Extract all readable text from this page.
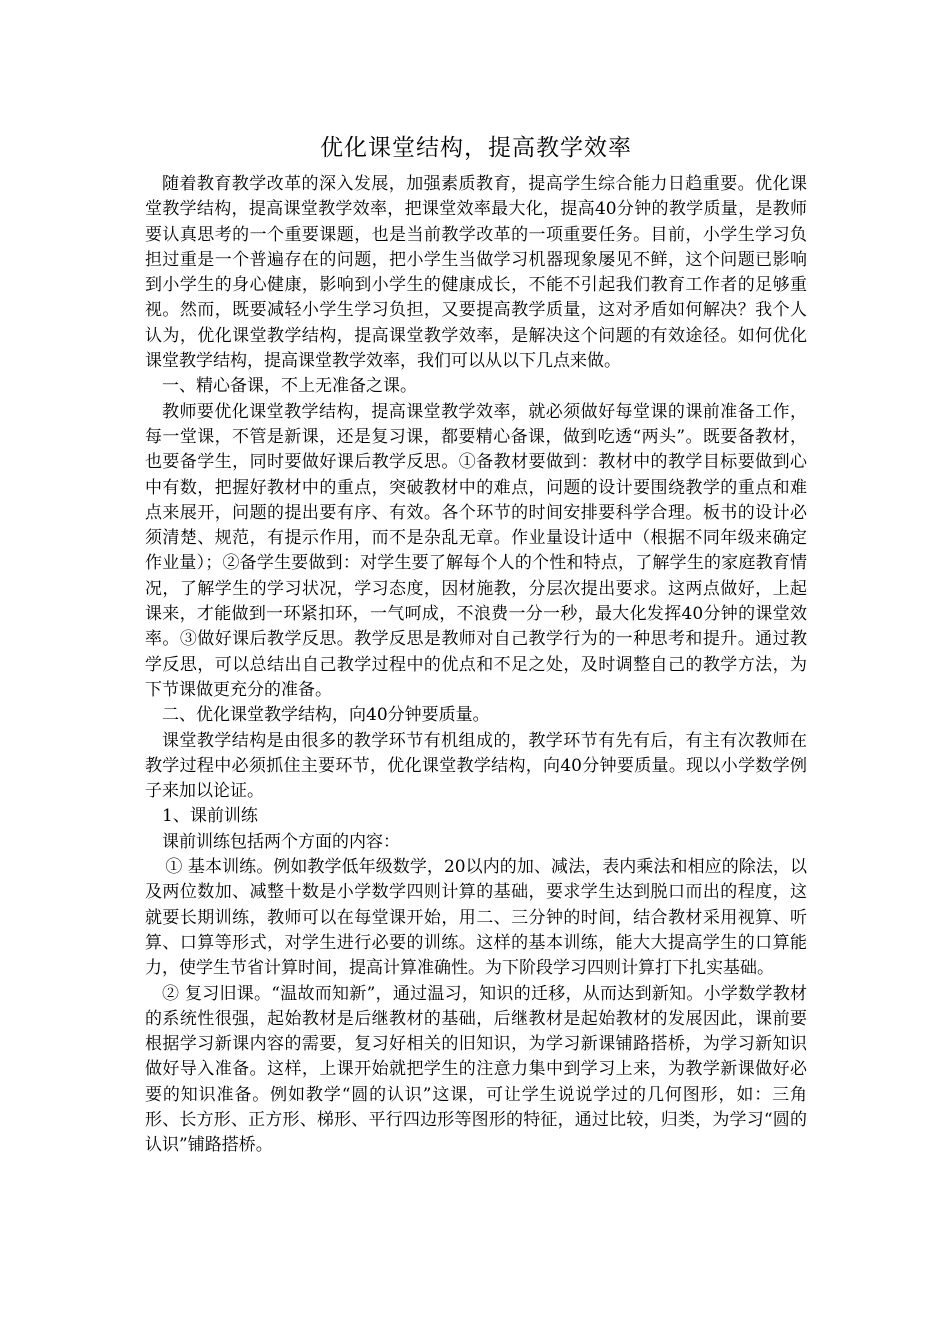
优化课堂结构，提高教学效率

随着教育教学改革的深入发展，加强素质教育，提高学生综合能力日趋重要。优化课堂教学结构，提高课堂教学效率，把课堂效率最大化，提高40分钟的教学质量，是教师要认真思考的一个重要课题，也是当前教学改革的一项重要任务。目前，小学生学习负担过重是一个普遍存在的问题，把小学生当做学习机器现象屡见不鲜，这个问题已影响到小学生的身心健康，影响到小学生的健康成长，不能不引起我们教育工作者的足够重视。然而，既要减轻小学生学习负担，又要提高教学质量，这对矛盾如何解决？我个人认为，优化课堂教学结构，提高课堂教学效率，是解决这个问题的有效途径。如何优化课堂教学结构，提高课堂教学效率，我们可以从以下几点来做。

一、精心备课，不上无准备之课。

教师要优化课堂教学结构，提高课堂教学效率，就必须做好每堂课的课前准备工作，每一堂课，不管是新课，还是复习课，都要精心备课，做到吃透“两头”。既要备教材，也要备学生，同时要做好课后教学反思。①备教材要做到：教材中的教学目标要做到心中有数，把握好教材中的重点，突破教材中的难点，问题的设计要围绕教学的重点和难点来展开，问题的提出要有序、有效。各个环节的时间安排要科学合理。板书的设计必须清楚、规范，有提示作用，而不是杂乱无章。作业量设计适中（根据不同年级来确定作业量）；②备学生要做到：对学生要了解每个人的个性和特点，了解学生的家庭教育情况，了解学生的学习状况，学习态度，因材施教，分层次提出要求。这两点做好，上起课来，才能做到一环紧扣环，一气呵成，不浪费一分一秒，最大化发挥40分钟的课堂效率。③做好课后教学反思。教学反思是教师对自己教学行为的一种思考和提升。通过教学反思，可以总结出自己教学过程中的优点和不足之处，及时调整自己的教学方法，为下节课做更充分的准备。

二、优化课堂教学结构，向40分钟要质量。

课堂教学结构是由很多的教学环节有机组成的，教学环节有先有后，有主有次教师在教学过程中必须抓住主要环节，优化课堂教学结构，向40分钟要质量。现以小学数学例子来加以论证。

1、课前训练

课前训练包括两个方面的内容：

① 基本训练。例如教学低年级数学，20以内的加、减法，表内乘法和相应的除法，以及两位数加、减整十数是小学数学四则计算的基础，要求学生达到脱口而出的程度，这就要长期训练，教师可以在每堂课开始，用二、三分钟的时间，结合教材采用视算、听算、口算等形式，对学生进行必要的训练。这样的基本训练，能大大提高学生的口算能力，使学生节省计算时间，提高计算准确性。为下阶段学习四则计算打下扎实基础。

② 复习旧课。“温故而知新”，通过温习，知识的迁移，从而达到新知。小学数学教材的系统性很强，起始教材是后继教材的基础，后继教材是起始教材的发展因此，课前要根据学习新课内容的需要，复习好相关的旧知识，为学习新课铺路搭桥，为学习新知识做好导入准备。这样，上课开始就把学生的注意力集中到学习上来，为教学新课做好必要的知识准备。例如教学“圆的认识”这课，可让学生说说学过的几何图形，如：三角形、长方形、正方形、梯形、平行四边形等图形的特征，通过比较，归类，为学习“圆的认识”铺路搭桥。
